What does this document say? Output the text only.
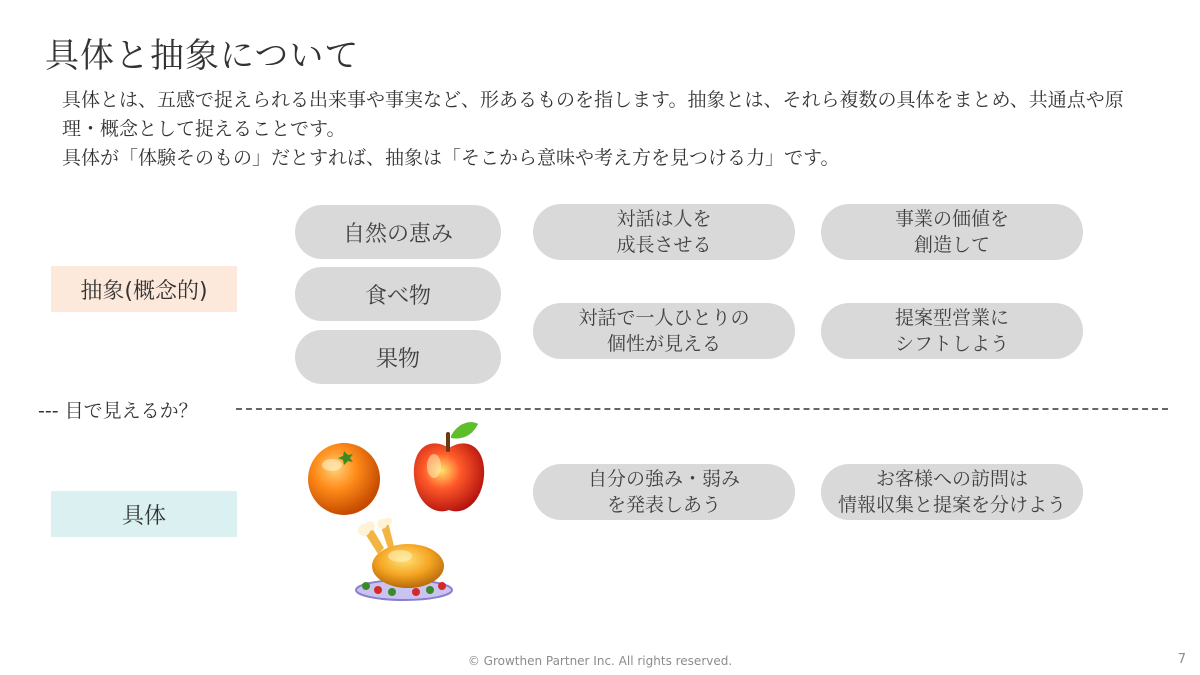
具体と抽象について

具体とは、五感で捉えられる出来事や事実など、形あるものを指します。抽象とは、それら複数の具体をまとめ、共通点や原理・概念として捉えることです。

具体が「体験そのもの」だとすれば、抽象は「そこから意味や考え方を見つける力」です。

抽象(概念的)
具体
自然の恵み
食べ物
果物
対話は人を
成長させる
対話で一人ひとりの
個性が見える
自分の強み・弱み
を発表しあう
事業の価値を
創造して
提案型営業に
シフトしよう
お客様への訪問は
情報収集と提案を分けよう
--- 目で見えるか？
© Growthen Partner Inc. All rights reserved.	7
